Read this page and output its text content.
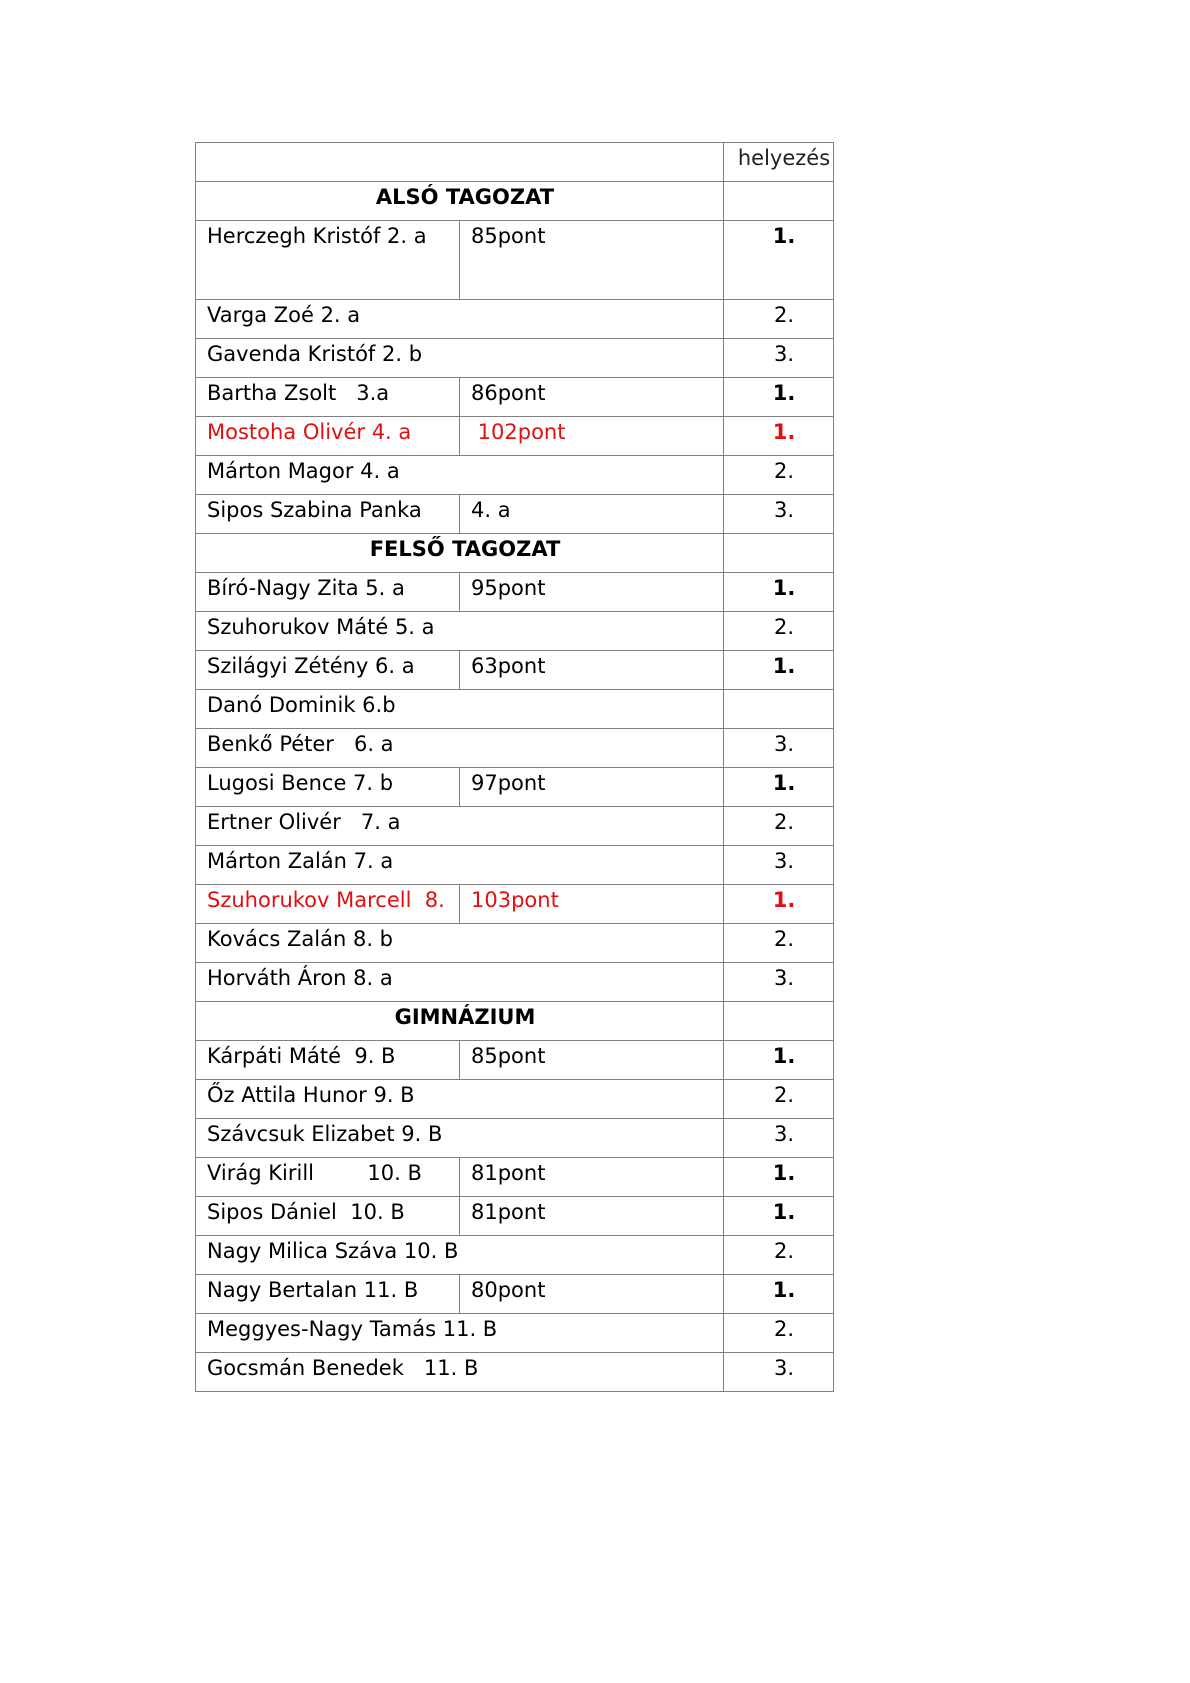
		helyezés
ALSÓ TAGOZAT		
Herczegh Kristóf 2. a	85pont	1.
Varga Zoé 2. a		2.
Gavenda Kristóf 2. b		3.
Bartha Zsolt   3.a	86pont	1.
Mostoha Olivér 4. a	102pont	1.
Márton Magor 4. a		2.
Sipos Szabina Panka	4. a	3.
FELSŐ TAGOZAT		
Bíró-Nagy Zita 5. a	95pont	1.
Szuhorukov Máté 5. a		2.
Szilágyi Zétény 6. a	63pont	1.
Danó Dominik 6.b		
Benkő Péter   6. a		3.
Lugosi Bence 7. b	97pont	1.
Ertner Olivér   7. a		2.
Márton Zalán 7. a		3.
Szuhorukov Marcell  8.	103pont	1.
Kovács Zalán 8. b		2.
Horváth Áron 8. a		3.
GIMNÁZIUM		
Kárpáti Máté  9. B	85pont	1.
Őz Attila Hunor 9. B		2.
Szávcsuk Elizabet 9. B		3.
Virág Kirill        10. B	81pont	1.
Sipos Dániel  10. B	81pont	1.
Nagy Milica Száva 10. B		2.
Nagy Bertalan 11. B	80pont	1.
Meggyes-Nagy Tamás 11. B		2.
Gocsmán Benedek   11. B		3.
